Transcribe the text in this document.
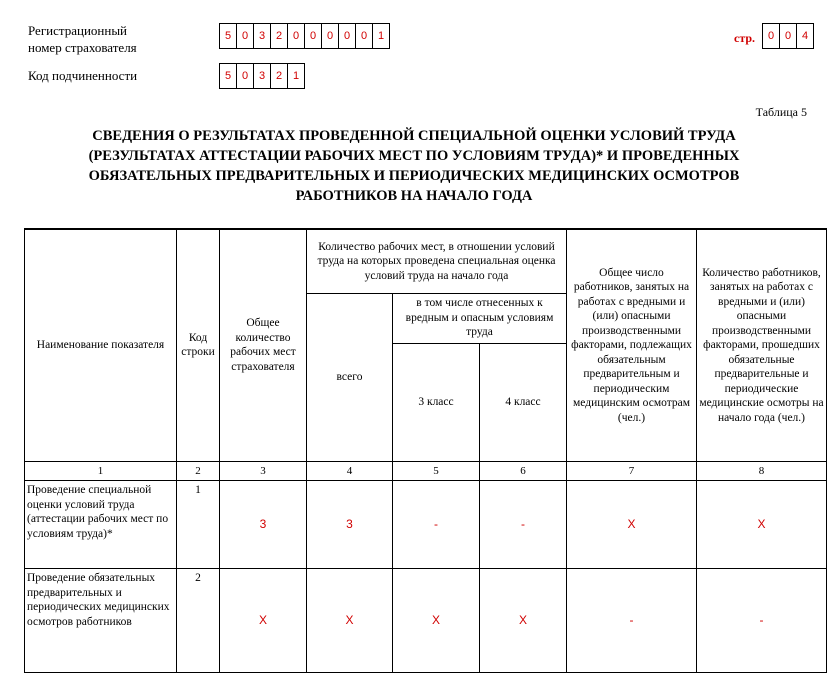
Регистрационный
номер страхователя
5 0 3 2 0 0 0 0 0 1	стр.	0 0 4
Код подчиненности	5 0 3 2 1
Таблица 5
СВЕДЕНИЯ О РЕЗУЛЬТАТАХ ПРОВЕДЕННОЙ СПЕЦИАЛЬНОЙ ОЦЕНКИ УСЛОВИЙ ТРУДА
(РЕЗУЛЬТАТАХ АТТЕСТАЦИИ РАБОЧИХ МЕСТ ПО УСЛОВИЯМ ТРУДА)* И ПРОВЕДЕННЫХ
ОБЯЗАТЕЛЬНЫХ ПРЕДВАРИТЕЛЬНЫХ И ПЕРИОДИЧЕСКИХ МЕДИЦИНСКИХ ОСМОТРОВ
РАБОТНИКОВ НА НАЧАЛО ГОДА
Наименование показателя	Код строки	Общее количество рабочих мест страхователя	Количество рабочих мест, в отношении условий труда на которых проведена специальная оценка условий труда на начало года			Общее число работников, занятых на работах с вредными и (или) опасными производственными факторами, подлежащих обязательным предварительным и периодическим медицинским осмотрам (чел.)	Количество работников, занятых на работах с вредными и (или) опасными производственными факторами, прошедших обязательные предварительные и периодические медицинские осмотры на начало года (чел.)
			всего	в том числе отнесенных к вредным и опасным условиям труда			
				3 класс	4 класс		
1	2	3	4	5	6	7	8
Проведение специальной оценки условий труда (аттестации рабочих мест по условиям труда)*	1	3	3	-	-	X	X
Проведение обязательных предварительных и периодических медицинских осмотров работников	2	X	X	X	X	-	-
